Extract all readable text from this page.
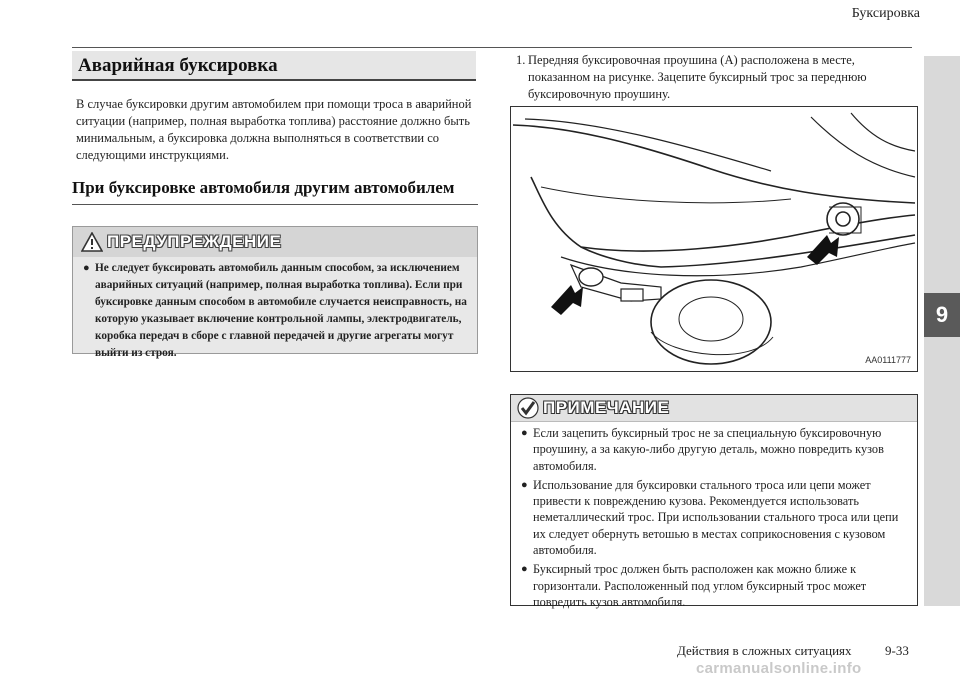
Буксировка
9
Аварийная буксировка

В случае буксировки другим автомобилем при помощи троса в аварийной ситуации (например, полная выработка топлива) расстояние должно быть минимальным, а буксировка должна выполняться в соответствии со следующими инструкциями.

При буксировке автомобиля другим автомобилем
ПРЕДУПРЕЖДЕНИЕ
● Не следует буксировать автомобиль данным способом, за исключением аварийных ситуаций (например, полная выработка топлива). Если при буксировке данным способом в автомобиле случается неисправность, на которую указывает включение контрольной лампы, электродвигатель, коробка передач в сборе с главной передачей и другие агрегаты могут выйти из строя.

1. Передняя буксировочная проушина (A) расположена в месте, показанном на рисунке. Зацепите буксирный трос за переднюю буксировочную проушину.

AA0111777
ПРИМЕЧАНИЕ
● Если зацепить буксирный трос не за специальную буксировочную проушину, а за какую-либо другую деталь, можно повредить кузов автомобиля.
● Использование для буксировки стального троса или цепи может привести к повреждению кузова. Рекомендуется использовать неметаллический трос. При использовании стального троса или цепи их следует обернуть ветошью в местах соприкосновения с кузовом автомобиля.
● Буксирный трос должен быть расположен как можно ближе к горизонтали. Расположенный под углом буксирный трос может повредить кузов автомобиля.
Действия в сложных ситуациях	9-33
carmanualsonline.info
